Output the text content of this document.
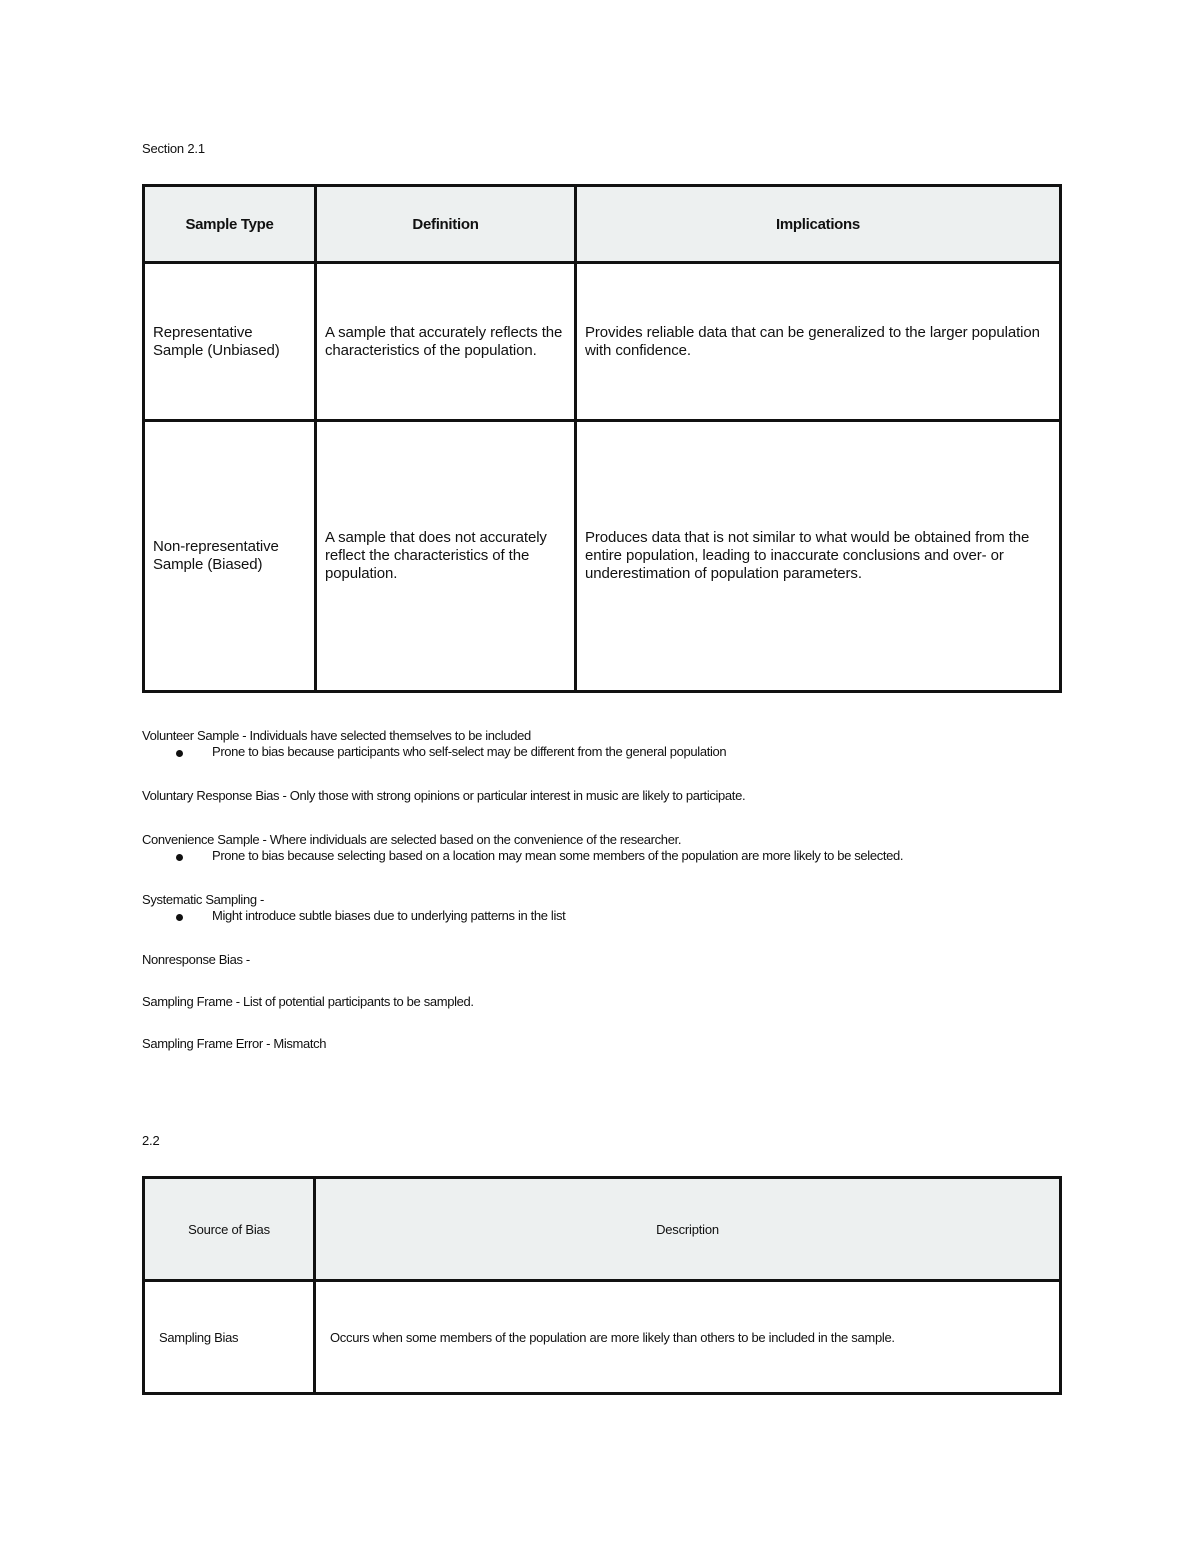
Section 2.1
Sample Type	Definition	Implications
Representative Sample (Unbiased)	A sample that accurately reflects the characteristics of the population.	Provides reliable data that can be generalized to the larger population with confidence.
Non-representative Sample (Biased)	A sample that does not accurately reflect the characteristics of the population.	Produces data that is not similar to what would be obtained from the entire population, leading to inaccurate conclusions and over- or underestimation of population parameters.
Volunteer Sample - Individuals have selected themselves to be included
Prone to bias because participants who self-select may be different from the general population
Voluntary Response Bias - Only those with strong opinions or particular interest in music are likely to participate.
Convenience Sample - Where individuals are selected based on the convenience of the researcher.
Prone to bias because selecting based on a location may mean some members of the population are more likely to be selected.
Systematic Sampling -
Might introduce subtle biases due to underlying patterns in the list
Nonresponse Bias -
Sampling Frame - List of potential participants to be sampled.
Sampling Frame Error - Mismatch
2.2
Source of Bias	Description
Sampling Bias	Occurs when some members of the population are more likely than others to be included in the sample.
